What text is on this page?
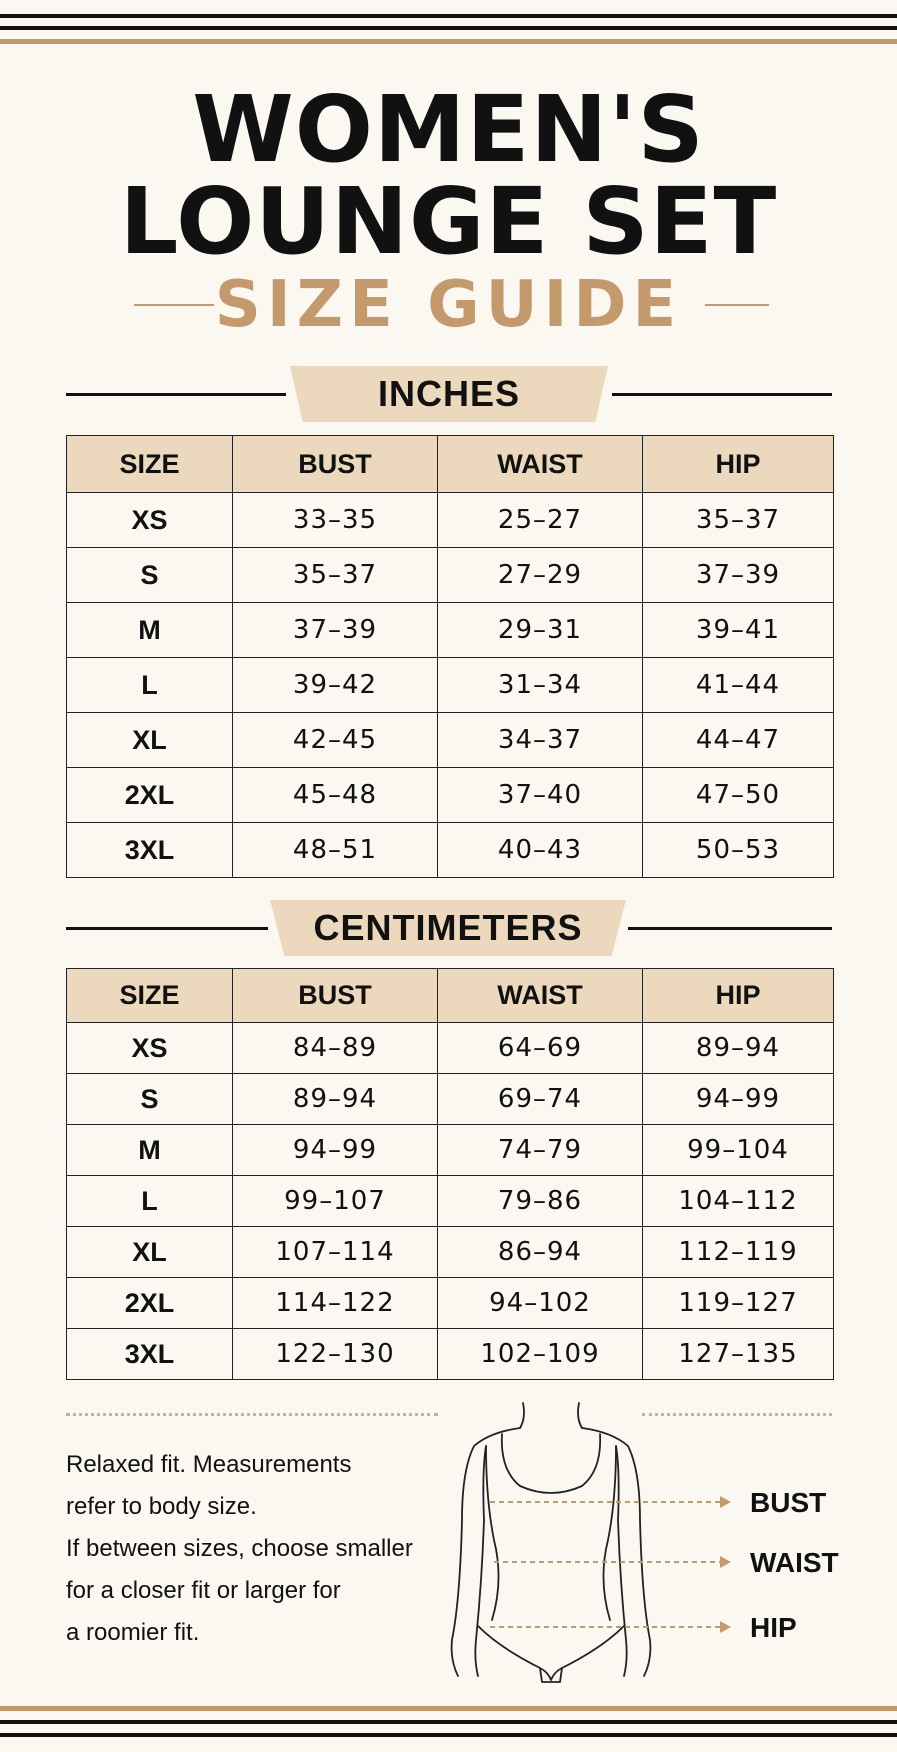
WOMEN'S
LOUNGE SET
SIZE GUIDE
INCHES
SIZE	BUST	WAIST	HIP
XS	33–35	25–27	35–37
S	35–37	27–29	37–39
M	37–39	29–31	39–41
L	39–42	31–34	41–44
XL	42–45	34–37	44–47
2XL	45–48	37–40	47–50
3XL	48–51	40–43	50–53
CENTIMETERS
SIZE	BUST	WAIST	HIP
XS	84–89	64–69	89–94
S	89–94	69–74	94–99
M	94–99	74–79	99–104
L	99–107	79–86	104–112
XL	107–114	86–94	112–119
2XL	114–122	94–102	119–127
3XL	122–130	102–109	127–135
Relaxed fit. Measurements
refer to body size.
If between sizes, choose smaller
for a closer fit or larger for
a roomier fit.
BUST
WAIST
HIP
